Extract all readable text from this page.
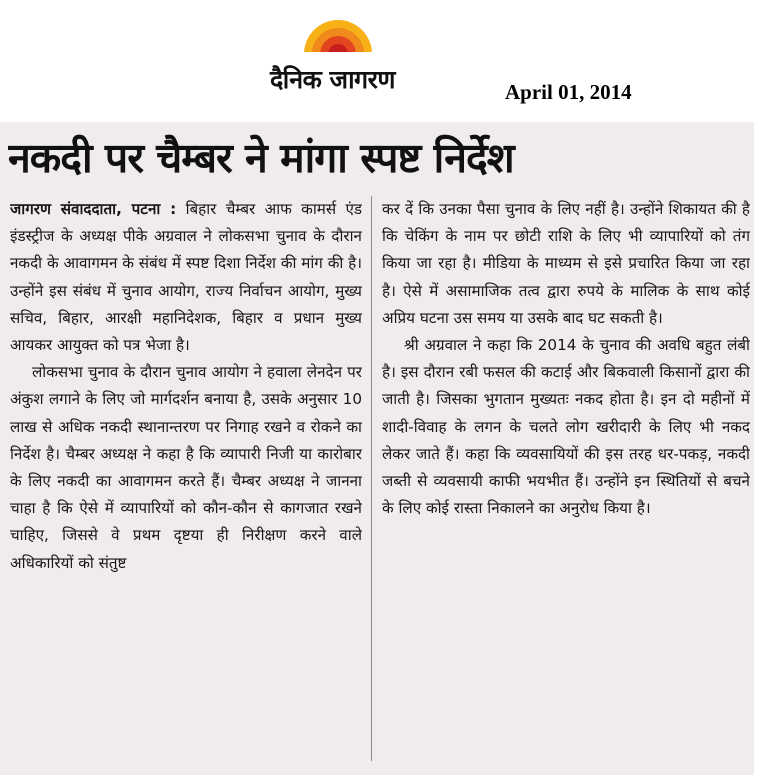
दैनिक जागरण	April 01, 2014
नकदी पर चैम्बर ने मांगा स्पष्ट निर्देश

जागरण संवाददाता, पटना : बिहार चैम्बर आफ कामर्स एंड इंडस्ट्रीज के अध्यक्ष पीके अग्रवाल ने लोकसभा चुनाव के दौरान नकदी के आवागमन के संबंध में स्पष्ट दिशा निर्देश की मांग की है। उन्होंने इस संबंध में चुनाव आयोग, राज्य निर्वाचन आयोग, मुख्य सचिव, बिहार, आरक्षी महानिदेशक, बिहार व प्रधान मुख्य आयकर आयुक्त को पत्र भेजा है।

लोकसभा चुनाव के दौरान चुनाव आयोग ने हवाला लेनदेन पर अंकुश लगाने के लिए जो मार्गदर्शन बनाया है, उसके अनुसार 10 लाख से अधिक नकदी स्थानान्तरण पर निगाह रखने व रोकने का निर्देश है। चैम्बर अध्यक्ष ने कहा है कि व्यापारी निजी या कारोबार के लिए नकदी का आवागमन करते हैं। चैम्बर अध्यक्ष ने जानना चाहा है कि ऐसे में व्यापारियों को कौन-कौन से कागजात रखने चाहिए, जिससे वे प्रथम दृष्टया ही निरीक्षण करने वाले अधिकारियों को संतुष्ट

कर दें कि उनका पैसा चुनाव के लिए नहीं है। उन्होंने शिकायत की है कि चेकिंग के नाम पर छोटी राशि के लिए भी व्यापारियों को तंग किया जा रहा है। मीडिया के माध्यम से इसे प्रचारित किया जा रहा है। ऐसे में असामाजिक तत्व द्वारा रुपये के मालिक के साथ कोई अप्रिय घटना उस समय या उसके बाद घट सकती है।

श्री अग्रवाल ने कहा कि 2014 के चुनाव की अवधि बहुत लंबी है। इस दौरान रबी फसल की कटाई और बिकवाली किसानों द्वारा की जाती है। जिसका भुगतान मुख्यतः नकद होता है। इन दो महीनों में शादी-विवाह के लगन के चलते लोग खरीदारी के लिए भी नकद लेकर जाते हैं। कहा कि व्यवसायियों की इस तरह धर-पकड़, नकदी जब्ती से व्यवसायी काफी भयभीत हैं। उन्होंने इन स्थितियों से बचने के लिए कोई रास्ता निकालने का अनुरोध किया है।
